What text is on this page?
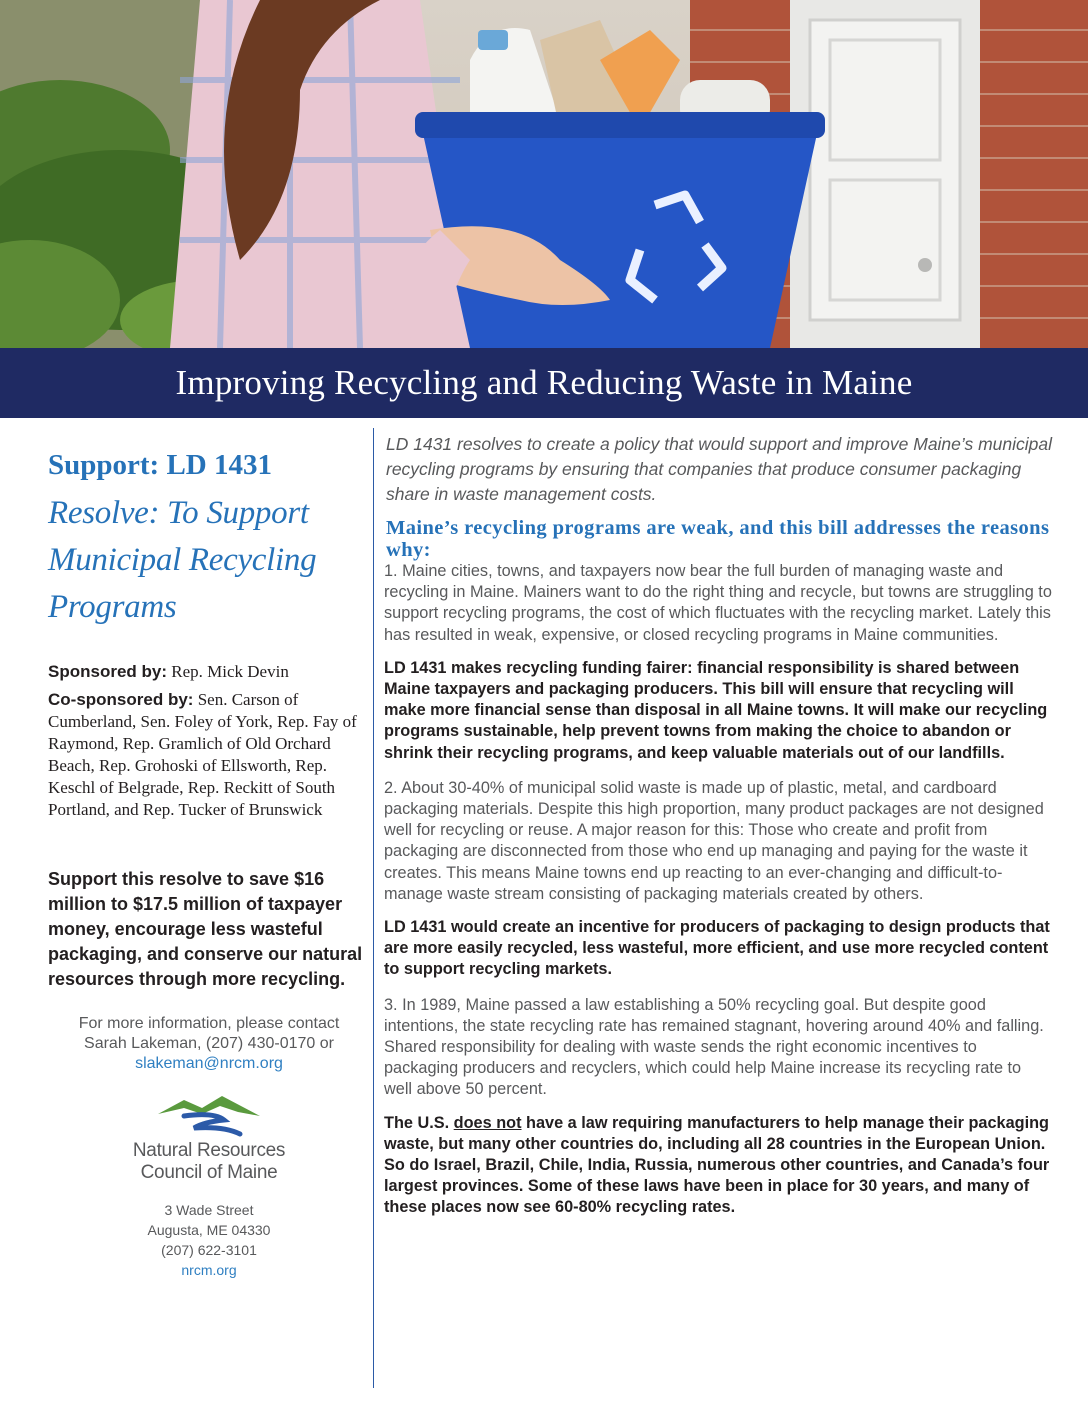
Improving Recycling and Reducing Waste in Maine
Support: LD 1431
Resolve: To Support Municipal Recycling Programs
Sponsored by: Rep. Mick Devin
Co-sponsored by: Sen. Carson of Cumberland, Sen. Foley of York, Rep. Fay of Raymond, Rep. Gramlich of Old Orchard Beach, Rep. Grohoski of Ellsworth, Rep. Keschl of Belgrade, Rep. Reckitt of South Portland, and Rep. Tucker of Brunswick
Support this resolve to save $16 million to $17.5 million of taxpayer money, encourage less wasteful packaging, and conserve our natural resources through more recycling.
For more information, please contact
Sarah Lakeman, (207) 430-0170 or
slakeman@nrcm.org
Natural Resources
Council of Maine
3 Wade Street
Augusta, ME 04330
(207) 622-3101
nrcm.org

LD 1431 resolves to create a policy that would support and improve Maine’s municipal recycling programs by ensuring that companies that produce consumer packaging share in waste management costs.

Maine’s recycling programs are weak, and this bill addresses the reasons why:

1. Maine cities, towns, and taxpayers now bear the full burden of managing waste and recycling in Maine. Mainers want to do the right thing and recycle, but towns are struggling to support recycling programs, the cost of which fluctuates with the recycling market. Lately this has resulted in weak, expensive, or closed recycling programs in Maine communities.

LD 1431 makes recycling funding fairer: financial responsibility is shared between Maine taxpayers and packaging producers. This bill will ensure that recycling will make more financial sense than disposal in all Maine towns. It will make our recycling programs sustainable, help prevent towns from making the choice to abandon or shrink their recycling programs, and keep valuable materials out of our landfills.

2. About 30-40% of municipal solid waste is made up of plastic, metal, and cardboard packaging materials. Despite this high proportion, many product packages are not designed well for recycling or reuse. A major reason for this: Those who create and profit from packaging are disconnected from those who end up managing and paying for the waste it creates. This means Maine towns end up reacting to an ever-changing and difficult-to-manage waste stream consisting of packaging materials created by others.

LD 1431 would create an incentive for producers of packaging to design products that are more easily recycled, less wasteful, more efficient, and use more recycled content to support recycling markets.

3. In 1989, Maine passed a law establishing a 50% recycling goal. But despite good intentions, the state recycling rate has remained stagnant, hovering around 40% and falling. Shared responsibility for dealing with waste sends the right economic incentives to packaging producers and recyclers, which could help Maine increase its recycling rate to well above 50 percent.

The U.S. does not have a law requiring manufacturers to help manage their packaging waste, but many other countries do, including all 28 countries in the European Union. So do Israel, Brazil, Chile, India, Russia, numerous other countries, and Canada’s four largest provinces. Some of these laws have been in place for 30 years, and many of these places now see 60-80% recycling rates.
